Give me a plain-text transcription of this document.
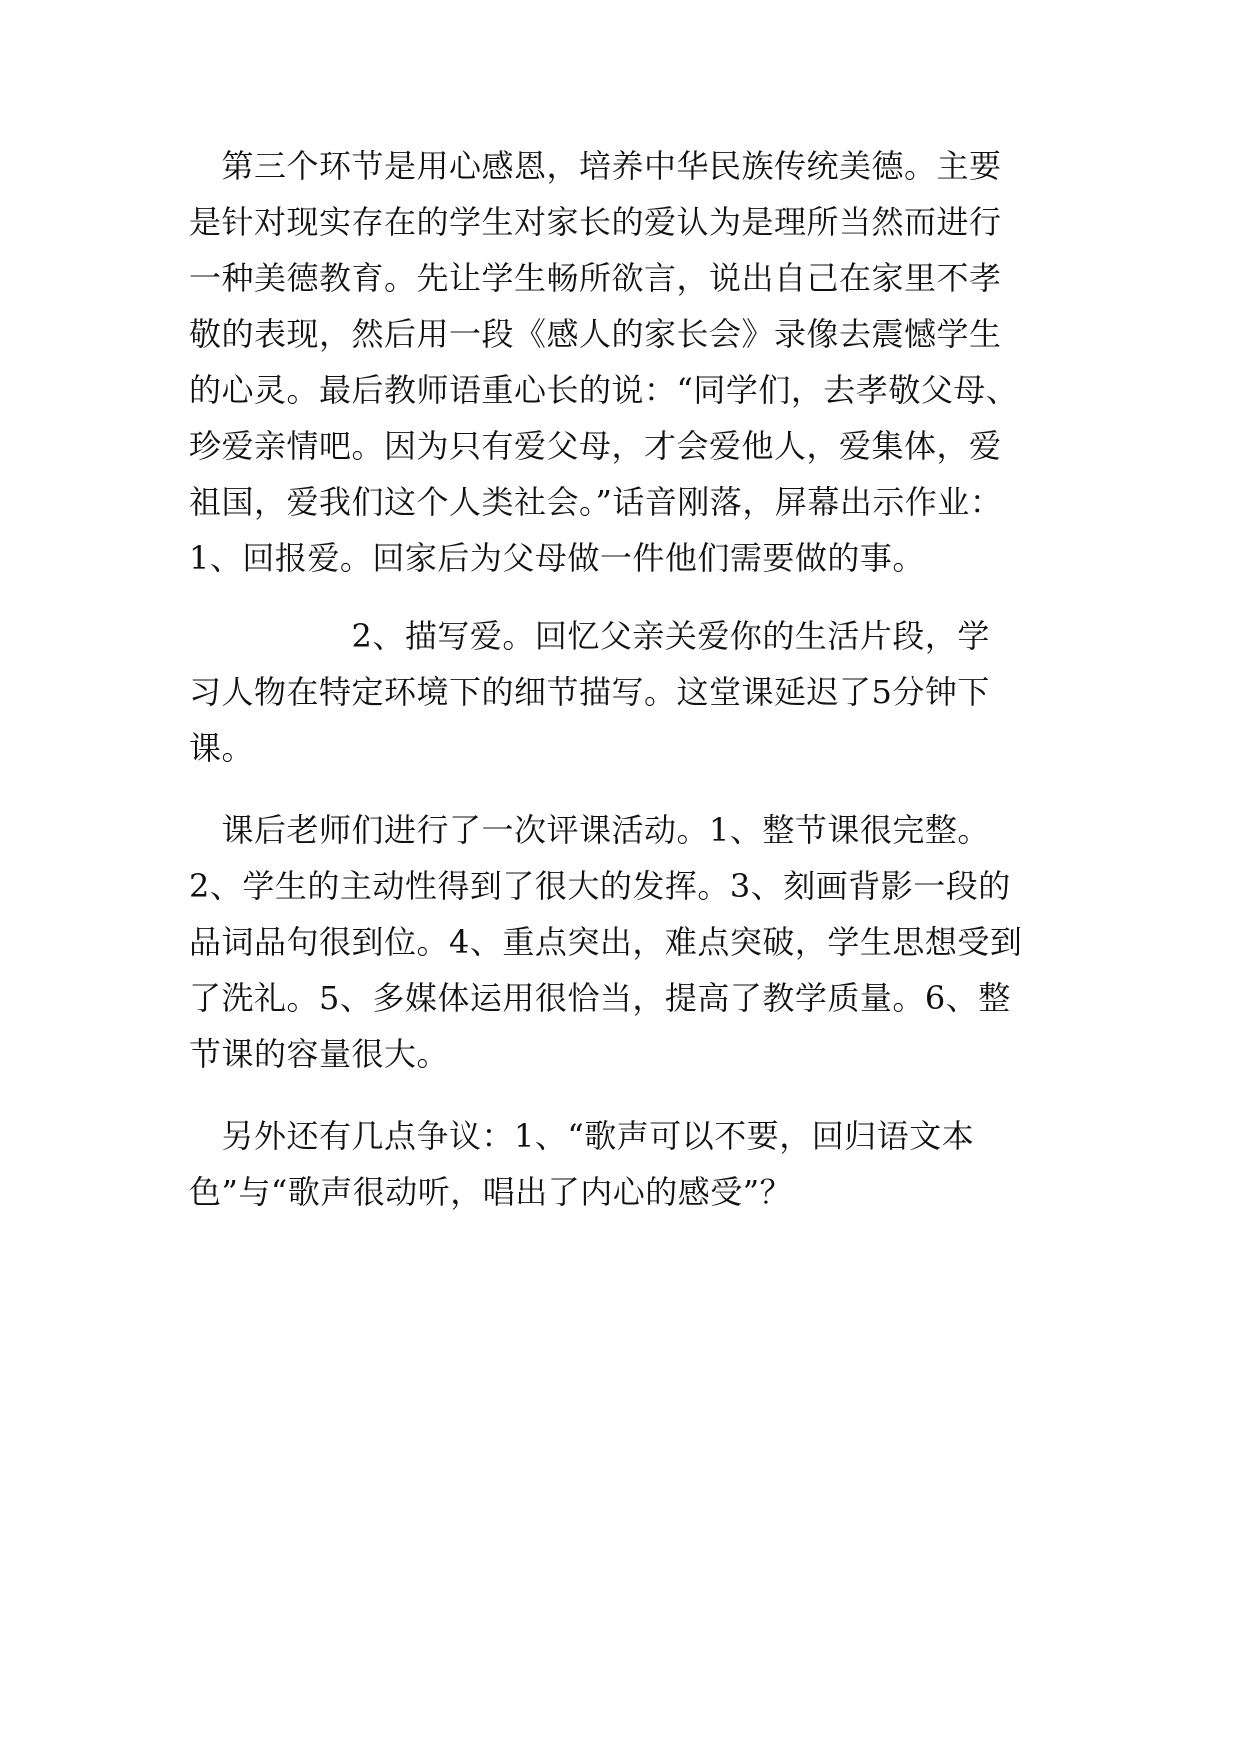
　第三个环节是用心感恩，培养中华民族传统美德。主要
是针对现实存在的学生对家长的爱认为是理所当然而进行
一种美德教育。先让学生畅所欲言，说出自己在家里不孝
敬的表现，然后用一段《感人的家长会》录像去震憾学生
的心灵。最后教师语重心长的说：“同学们，去孝敬父母、
珍爱亲情吧。因为只有爱父母，才会爱他人，爱集体，爱
祖国，爱我们这个人类社会。”话音刚落，屏幕出示作业：
1、回报爱。回家后为父母做一件他们需要做的事。
　　　　　2、描写爱。回忆父亲关爱你的生活片段，学
习人物在特定环境下的细节描写。这堂课延迟了5分钟下
课。
　课后老师们进行了一次评课活动。1、整节课很完整。
2、学生的主动性得到了很大的发挥。3、刻画背影一段的
品词品句很到位。4、重点突出，难点突破，学生思想受到
了洗礼。5、多媒体运用很恰当，提高了教学质量。6、整
节课的容量很大。
　另外还有几点争议：1、“歌声可以不要，回归语文本
色”与“歌声很动听，唱出了内心的感受”？
